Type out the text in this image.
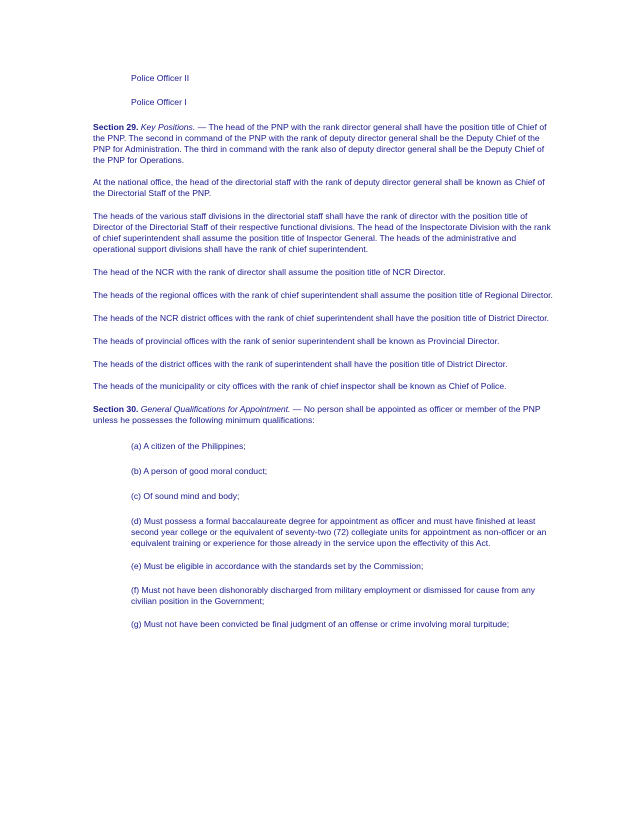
Police Officer II
Police Officer I

Section 29. Key Positions. — The head of the PNP with the rank director general shall have the position title of Chief of the PNP. The second in command of the PNP with the rank of deputy director general shall be the Deputy Chief of the PNP for Administration. The third in command with the rank also of deputy director general shall be the Deputy Chief of the PNP for Operations.

At the national office, the head of the directorial staff with the rank of deputy director general shall be known as Chief of the Directorial Staff of the PNP.

The heads of the various staff divisions in the directorial staff shall have the rank of director with the position title of Director of the Directorial Staff of their respective functional divisions. The head of the Inspectorate Division with the rank of chief superintendent shall assume the position title of Inspector General. The heads of the administrative and operational support divisions shall have the rank of chief superintendent.

The head of the NCR with the rank of director shall assume the position title of NCR Director.

The heads of the regional offices with the rank of chief superintendent shall assume the position title of Regional Director.

The heads of the NCR district offices with the rank of chief superintendent shall have the position title of District Director.

The heads of provincial offices with the rank of senior superintendent shall be known as Provincial Director.

The heads of the district offices with the rank of superintendent shall have the position title of District Director.

The heads of the municipality or city offices with the rank of chief inspector shall be known as Chief of Police.

Section 30. General Qualifications for Appointment. — No person shall be appointed as officer or member of the PNP unless he possesses the following minimum qualifications:

(a) A citizen of the Philippines;
(b) A person of good moral conduct;
(c) Of sound mind and body;
(d) Must possess a formal baccalaureate degree for appointment as officer and must have finished at least second year college or the equivalent of seventy-two (72) collegiate units for appointment as non-officer or an equivalent training or experience for those already in the service upon the effectivity of this Act.
(e) Must be eligible in accordance with the standards set by the Commission;
(f) Must not have been dishonorably discharged from military employment or dismissed for cause from any civilian position in the Government;
(g) Must not have been convicted be final judgment of an offense or crime involving moral turpitude;
